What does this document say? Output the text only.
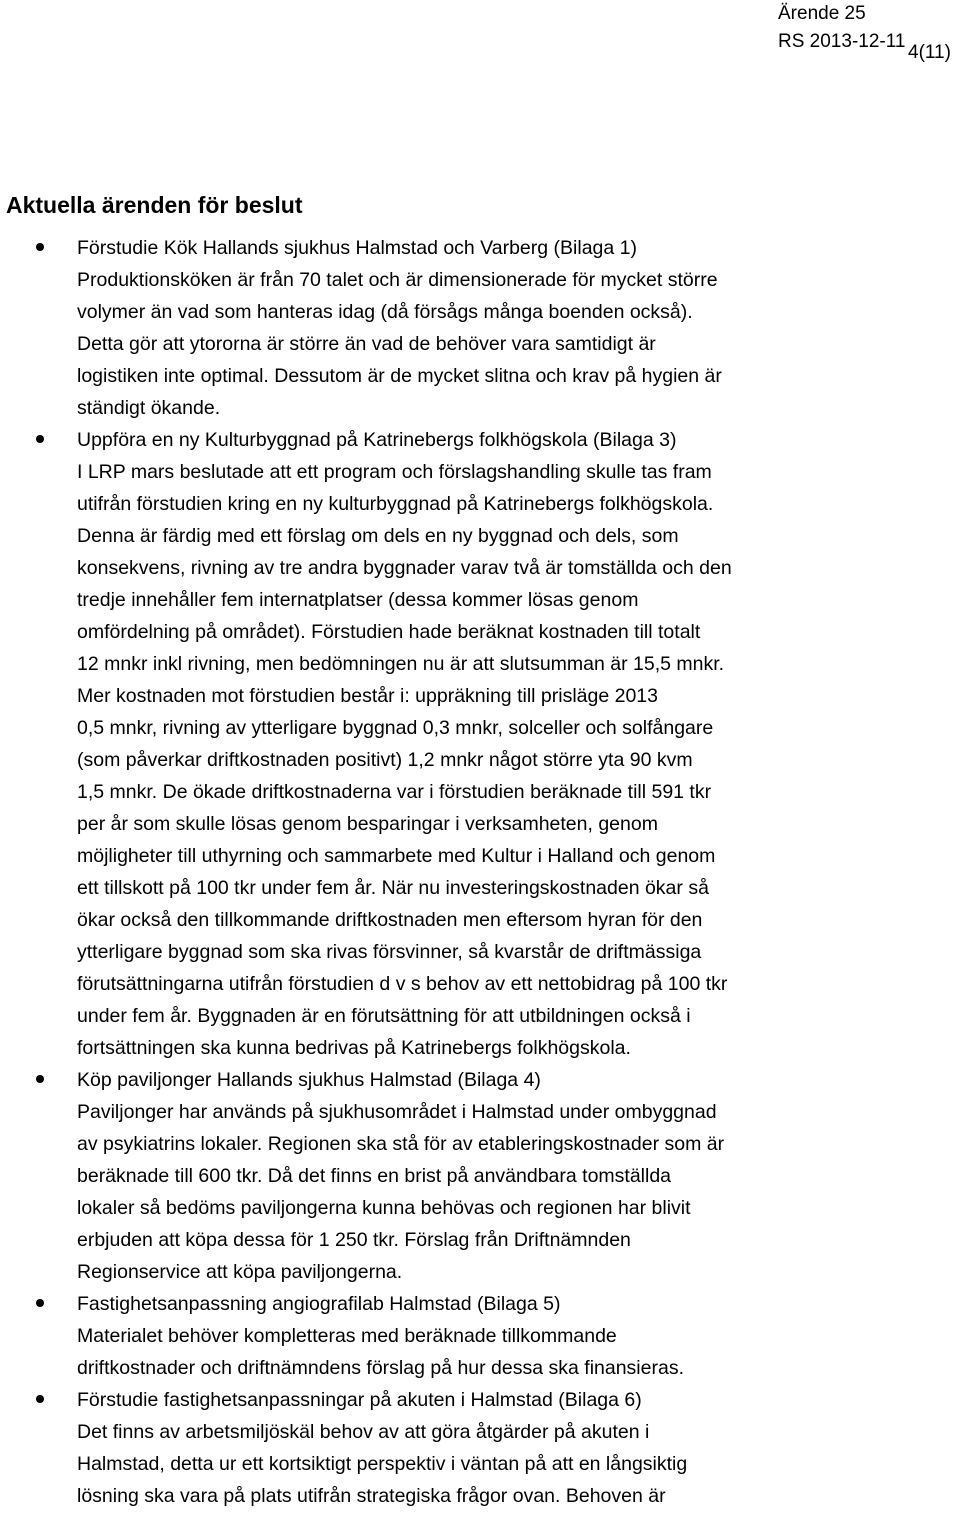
Ärende 25
RS 2013-12-11
4(11)
Aktuella ärenden för beslut
Förstudie Kök Hallands sjukhus Halmstad och Varberg (Bilaga 1)
Produktionsköken är från 70 talet och är dimensionerade för mycket större
volymer än vad som hanteras idag (då försågs många boenden också).
Detta gör att ytororna är större än vad de behöver vara samtidigt är
logistiken inte optimal. Dessutom är de mycket slitna och krav på hygien är
ständigt ökande.
Uppföra en ny Kulturbyggnad på Katrinebergs folkhögskola (Bilaga 3)
I LRP mars beslutade att ett program och förslagshandling skulle tas fram
utifrån förstudien kring en ny kulturbyggnad på Katrinebergs folkhögskola.
Denna är färdig med ett förslag om dels en ny byggnad och dels, som
konsekvens, rivning av tre andra byggnader varav två är tomställda och den
tredje innehåller fem internatplatser (dessa kommer lösas genom
omfördelning på området). Förstudien hade beräknat kostnaden till totalt
12 mnkr inkl rivning, men bedömningen nu är att slutsumman är 15,5 mnkr.
Mer kostnaden mot förstudien består i: uppräkning till prisläge 2013
0,5 mnkr, rivning av ytterligare byggnad 0,3 mnkr, solceller och solfångare
(som påverkar driftkostnaden positivt) 1,2 mnkr något större yta 90 kvm
1,5 mnkr. De ökade driftkostnaderna var i förstudien beräknade till 591 tkr
per år som skulle lösas genom besparingar i verksamheten, genom
möjligheter till uthyrning och sammarbete med Kultur i Halland och genom
ett tillskott på 100 tkr under fem år. När nu investeringskostnaden ökar så
ökar också den tillkommande driftkostnaden men eftersom hyran för den
ytterligare byggnad som ska rivas försvinner, så kvarstår de driftmässiga
förutsättningarna utifrån förstudien d v s behov av ett nettobidrag på 100 tkr
under fem år. Byggnaden är en förutsättning för att utbildningen också i
fortsättningen ska kunna bedrivas på Katrinebergs folkhögskola.
Köp paviljonger Hallands sjukhus Halmstad (Bilaga 4)
Paviljonger har används på sjukhusområdet i Halmstad under ombyggnad
av psykiatrins lokaler. Regionen ska stå för av etableringskostnader som är
beräknade till 600 tkr. Då det finns en brist på användbara tomställda
lokaler så bedöms paviljongerna kunna behövas och regionen har blivit
erbjuden att köpa dessa för 1 250 tkr. Förslag från Driftnämnden
Regionservice att köpa paviljongerna.
Fastighetsanpassning angiografilab Halmstad (Bilaga 5)
Materialet behöver kompletteras med beräknade tillkommande
driftkostnader och driftnämndens förslag på hur dessa ska finansieras.
Förstudie fastighetsanpassningar på akuten i Halmstad (Bilaga 6)
Det finns av arbetsmiljöskäl behov av att göra åtgärder på akuten i
Halmstad, detta ur ett kortsiktigt perspektiv i väntan på att en långsiktig
lösning ska vara på plats utifrån strategiska frågor ovan. Behoven är
